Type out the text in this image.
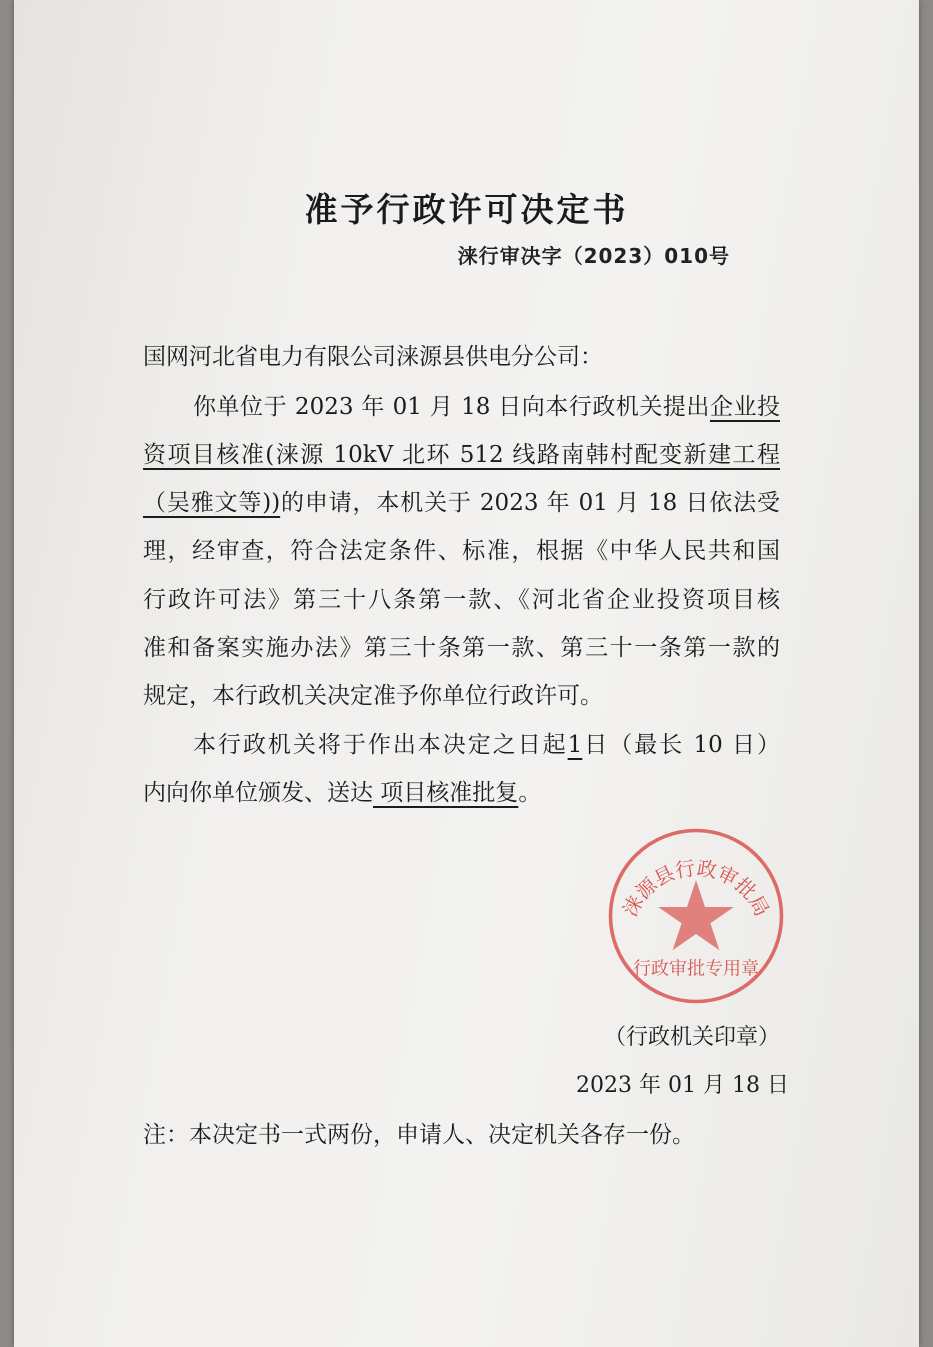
准予行政许可决定书
涞行审决字（2023）010号
国网河北省电力有限公司涞源县供电分公司：
你单位于 2023 年 01 月 18 日向本行政机关提出企业投
资项目核准(涞源 10kV 北环 512 线路南韩村配变新建工程
（吴雅文等))的申请，本机关于 2023 年 01 月 18 日依法受
理，经审查，符合法定条件、标准，根据《中华人民共和国
行政许可法》第三十八条第一款、《河北省企业投资项目核
准和备案实施办法》第三十条第一款、第三十一条第一款的
规定，本行政机关决定准予你单位行政许可。
本行政机关将于作出本决定之日起1日（最长 10 日）
内向你单位颁发、送达 项目核准批复。
涞源县行政审批局
行政审批专用章
（行政机关印章）
2023 年 01 月 18 日
注：本决定书一式两份，申请人、决定机关各存一份。
